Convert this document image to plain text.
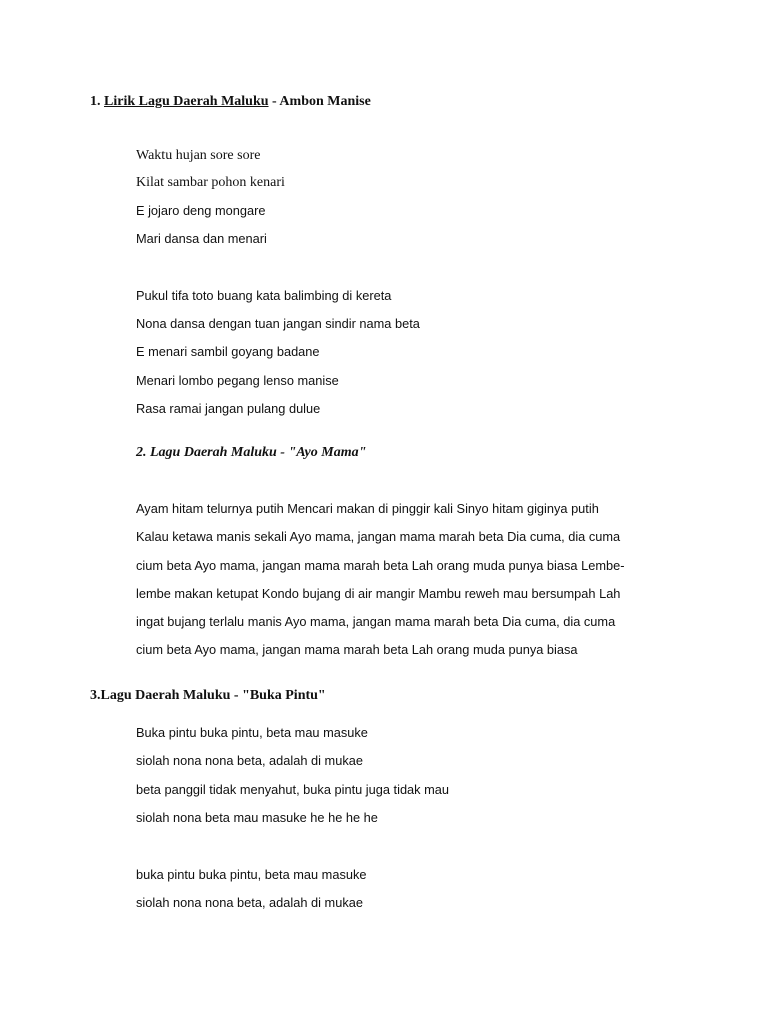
1. Lirik Lagu Daerah Maluku - Ambon Manise
Waktu hujan sore sore
Kilat sambar pohon kenari
E jojaro deng mongare
Mari dansa dan menari
Pukul tifa toto buang kata balimbing di kereta
Nona dansa dengan tuan jangan sindir nama beta
E menari sambil goyang badane
Menari lombo pegang lenso manise
Rasa ramai jangan pulang dulue
2. Lagu Daerah Maluku - "Ayo Mama"
Ayam hitam telurnya putih Mencari makan di pinggir kali Sinyo hitam giginya putih
Kalau ketawa manis sekali Ayo mama, jangan mama marah beta Dia cuma, dia cuma
cium beta Ayo mama, jangan mama marah beta Lah orang muda punya biasa Lembe-
lembe makan ketupat Kondo bujang di air mangir Mambu reweh mau bersumpah Lah
ingat bujang terlalu manis Ayo mama, jangan mama marah beta Dia cuma, dia cuma
cium beta Ayo mama, jangan mama marah beta Lah orang muda punya biasa
3.Lagu Daerah Maluku - "Buka Pintu"
Buka pintu buka pintu, beta mau masuke
siolah nona nona beta, adalah di mukae
beta panggil tidak menyahut, buka pintu juga tidak mau
siolah nona beta mau masuke he he he he
buka pintu buka pintu, beta mau masuke
siolah nona nona beta, adalah di mukae
